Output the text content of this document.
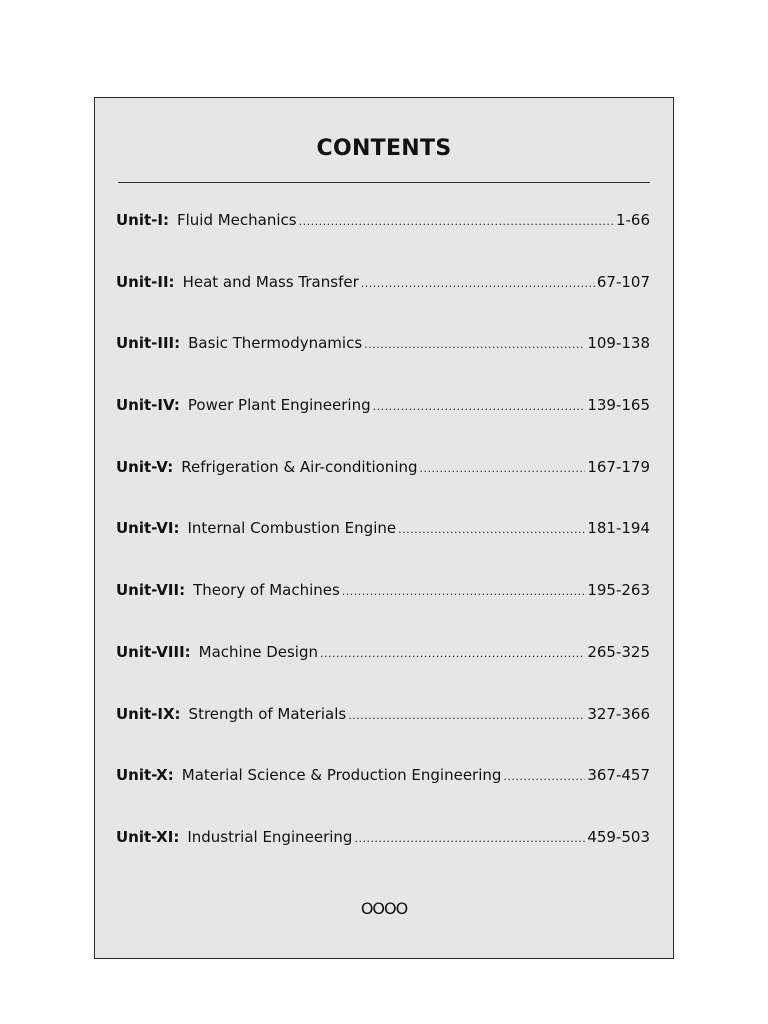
CONTENTS
Unit-I: Fluid Mechanics .....	1-66
Unit-II: Heat and Mass Transfer .....	67-107
Unit-III: Basic Thermodynamics .....	109-138
Unit-IV: Power Plant Engineering .....	139-165
Unit-V: Refrigeration & Air-conditioning .....	167-179
Unit-VI: Internal Combustion Engine .....	181-194
Unit-VII: Theory of Machines .....	195-263
Unit-VIII: Machine Design .....	265-325
Unit-IX: Strength of Materials .....	327-366
Unit-X: Material Science & Production Engineering .....	367-457
Unit-XI: Industrial Engineering .....	459-503
OOOO
